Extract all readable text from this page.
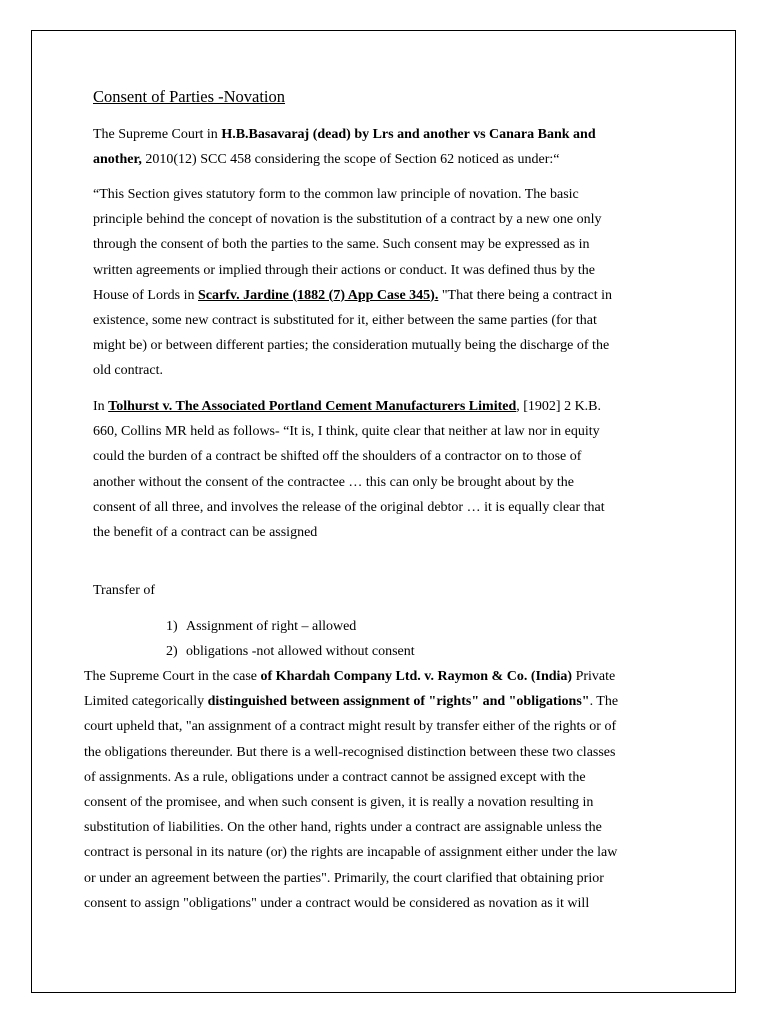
Consent of Parties -Novation
The Supreme Court in H.B.Basavaraj (dead) by Lrs and another vs Canara Bank and
another, 2010(12) SCC 458 considering the scope of Section 62 noticed as under:“
“This Section gives statutory form to the common law principle of novation. The basic
principle behind the concept of novation is the substitution of a contract by a new one only
through the consent of both the parties to the same. Such consent may be expressed as in
written agreements or implied through their actions or conduct. It was defined thus by the
House of Lords in Scarfv. Jardine (1882 (7) App Case 345). "That there being a contract in
existence, some new contract is substituted for it, either between the same parties (for that
might be) or between different parties; the consideration mutually being the discharge of the
old contract.
In Tolhurst v. The Associated Portland Cement Manufacturers Limited, [1902] 2 K.B.
660, Collins MR held as follows- “It is, I think, quite clear that neither at law nor in equity
could the burden of a contract be shifted off the shoulders of a contractor on to those of
another without the consent of the contractee … this can only be brought about by the
consent of all three, and involves the release of the original debtor … it is equally clear that
the benefit of a contract can be assigned
Transfer of
1) Assignment of right – allowed
2) obligations -not allowed without consent
The Supreme Court in the case of Khardah Company Ltd. v. Raymon & Co. (India) Private
Limited categorically distinguished between assignment of "rights" and "obligations". The
court upheld that, "an assignment of a contract might result by transfer either of the rights or of
the obligations thereunder. But there is a well-recognised distinction between these two classes
of assignments. As a rule, obligations under a contract cannot be assigned except with the
consent of the promisee, and when such consent is given, it is really a novation resulting in
substitution of liabilities. On the other hand, rights under a contract are assignable unless the
contract is personal in its nature (or) the rights are incapable of assignment either under the law
or under an agreement between the parties". Primarily, the court clarified that obtaining prior
consent to assign "obligations" under a contract would be considered as novation as it will
